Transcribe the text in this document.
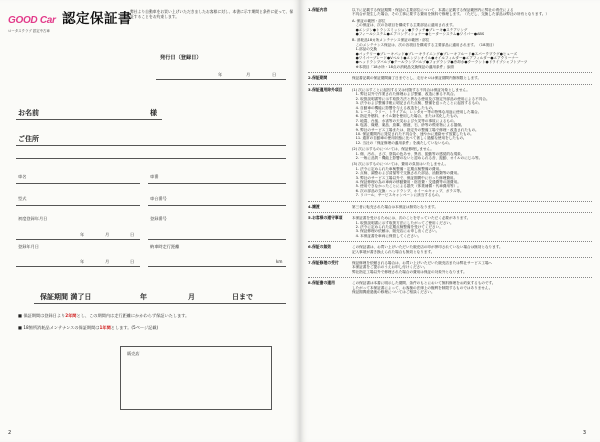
GOOD Car
ロータスクラブ 認定中古車
認定保証書
弊社より自動車をお買い上げいただきましたお客様に対し、本書に示す期間と条件に従って、保証することをお約束します。
発行日（登録日）
年	月	日
お名前	様
ご住所
車名	車番
型式	車台番号
初度登録年月日	登録番号
年	月	日
登録年月日	納車時走行距離
年	月	日	km
保証期間 満了日	年	月	日まで
■ 保証期間は登録日より2年間とし、この期間内は走行距離にかかわらず保証いたします。
■ 18箇所消耗品メンテナンスの保証期間は1年間とします。(5ページ記載)
販売店
2
1.保証内容	以下に記載する保証期間・保証の主要部位について、本書に記載する保証範囲内に弊社の責任による
不具合が発生した場合、その工事に要する費用を無料で修理します。（ただし、交換した部品は弊社の所有となります。）
A. 保証の範囲・部位
　この保証は、次の各項目を構成する主要部品に適用されます。
　●エンジン●トランスミッション●クラッチ●ブレーキ●ステアリング
　●フィールシステム●エアコンディショナー●ヒーターシステム●ワイパー●ABS
B. 消耗品18カ所メンテナンス保証の範囲・部位
　このメンテナンス保証は、次の各項目を構成する主要部品に適用されます。（18項目）
　1.部品の交換
　●バッテリー●ブレーキパッド●ブレーキライニング●ブレーキフルード●スパークプラグ●ヒューズ
　●ワイパーブレード●Vベルト●エンジンオイル●オイルフィルター●エアフィルター●エアクリーナー
　●ヘッドランプバルブ●テールランプバルブ●フォグランプ●冷却水●クーラント●ドライブシャフトブーツ
　※本項目「18カ所・18点の消耗品交換保証の適用条件」参照
2.保証期間	保証書記載の保証期間満了日までとし、走行キロは保証期間内無制限とします。
3.保証適用除外項目	(1) 次に示すことに起因する又は付随する不具合は保証対象としません。
　1. 弊社以外で作業された修理および整備、改造に係る不具合。
　2. 取扱説明書等に示す取扱方法と異なる使用及び指定外部品の使用による不具合。
　3. 法令および整備手帳に明記された点検、整備を怠ったことに起因するもの。
　4. 自動車の機能に影響を与える改造をしたもの。
　5. レース、ラリー、トライアル、レンタカー等の特殊な用途に使用した場合。
　6. 指定外燃料、オイル類を使用した場合、または劣化したもの。
　7. 地震、台風、水害等の天災および火災等の事故によるもの。
　8. 塩害、煤煙、薬品、鳥糞、樹液、石、砂等の飛来物による損傷。
　9. 弊社のサービス工場または、指定外の整備工場で修理・改造されたもの。
　10. 保証期間内に発見された不具合を、速やかに連絡せず放置したもの。
　11. 通常の自動車の使用状態に比べて著しく過酷な使用をしたもの。
　12. 当社の「保証修理の適用条件」を満たしていないもの。
(2) 次に示すものについては、保証修理しません。
　1. 傷、汚れ、さび、塗装の色あせ、異音、振動等の感覚的な現象。
　2. 一般に品質・機能上影響のないと認められる音、振動、オイルのにじみ等。
(3) 次に示すものについては、費用の負担はいたしません。
　1. 法令に定められた車検整備・定期点検整備の費用。
　2. 点検、調整および清掃等で交換された部品、油脂類等の費用。
　3. 弊社のサービス工場以外で、保証期間中に行った修理費用。
　4. 保証修理の為の車両の移動費用・宿泊費・交通費等の諸費用。
　5. 使用できなかったことによる損失（休業補償・代車費用等）。
　6. 次の部品の交換：ヘッドランプ、ホイールキャップ、ガラス等。
　7. リコール、サービスキャンペーンに該当するもの。
4.譲渡	第三者に転売された場合は本保証は無効となります。
5.お客様の遵守事項	本保証書を受けるためには、次のことを守っていただく必要があります。
　1. 取扱説明書に示す取扱方法にしたがってご使用ください。
　2. 法令に定められた定期点検整備を受けてください。
　3. 保証修理の依頼は、販売店にお申し出ください。
　4. 本保証書を車両に保管してください。
6.保証の無効	この保証書は、お買い上げいただいた販売店の印が押印されていない場合は無効となります。
記入事項が書き換えられた場合も無効となります。
7.保証修理の受付	保証修理を依頼される場合は、お買い上げいただいた販売店または弊社サービス工場へ
本保証書をご提示のうえお申し付けください。
弊社指定工場以外で修理された場合の費用は保証の対象外となります。
8.保証書の適用	この保証書は本書に明示した期間、条件のもとにおいて無料修理をお約束するものです。
したがって本保証書によって、お客様の法律上の権利を制限するものではありません。
保証期間経過後の修理についてはご相談ください。
3
